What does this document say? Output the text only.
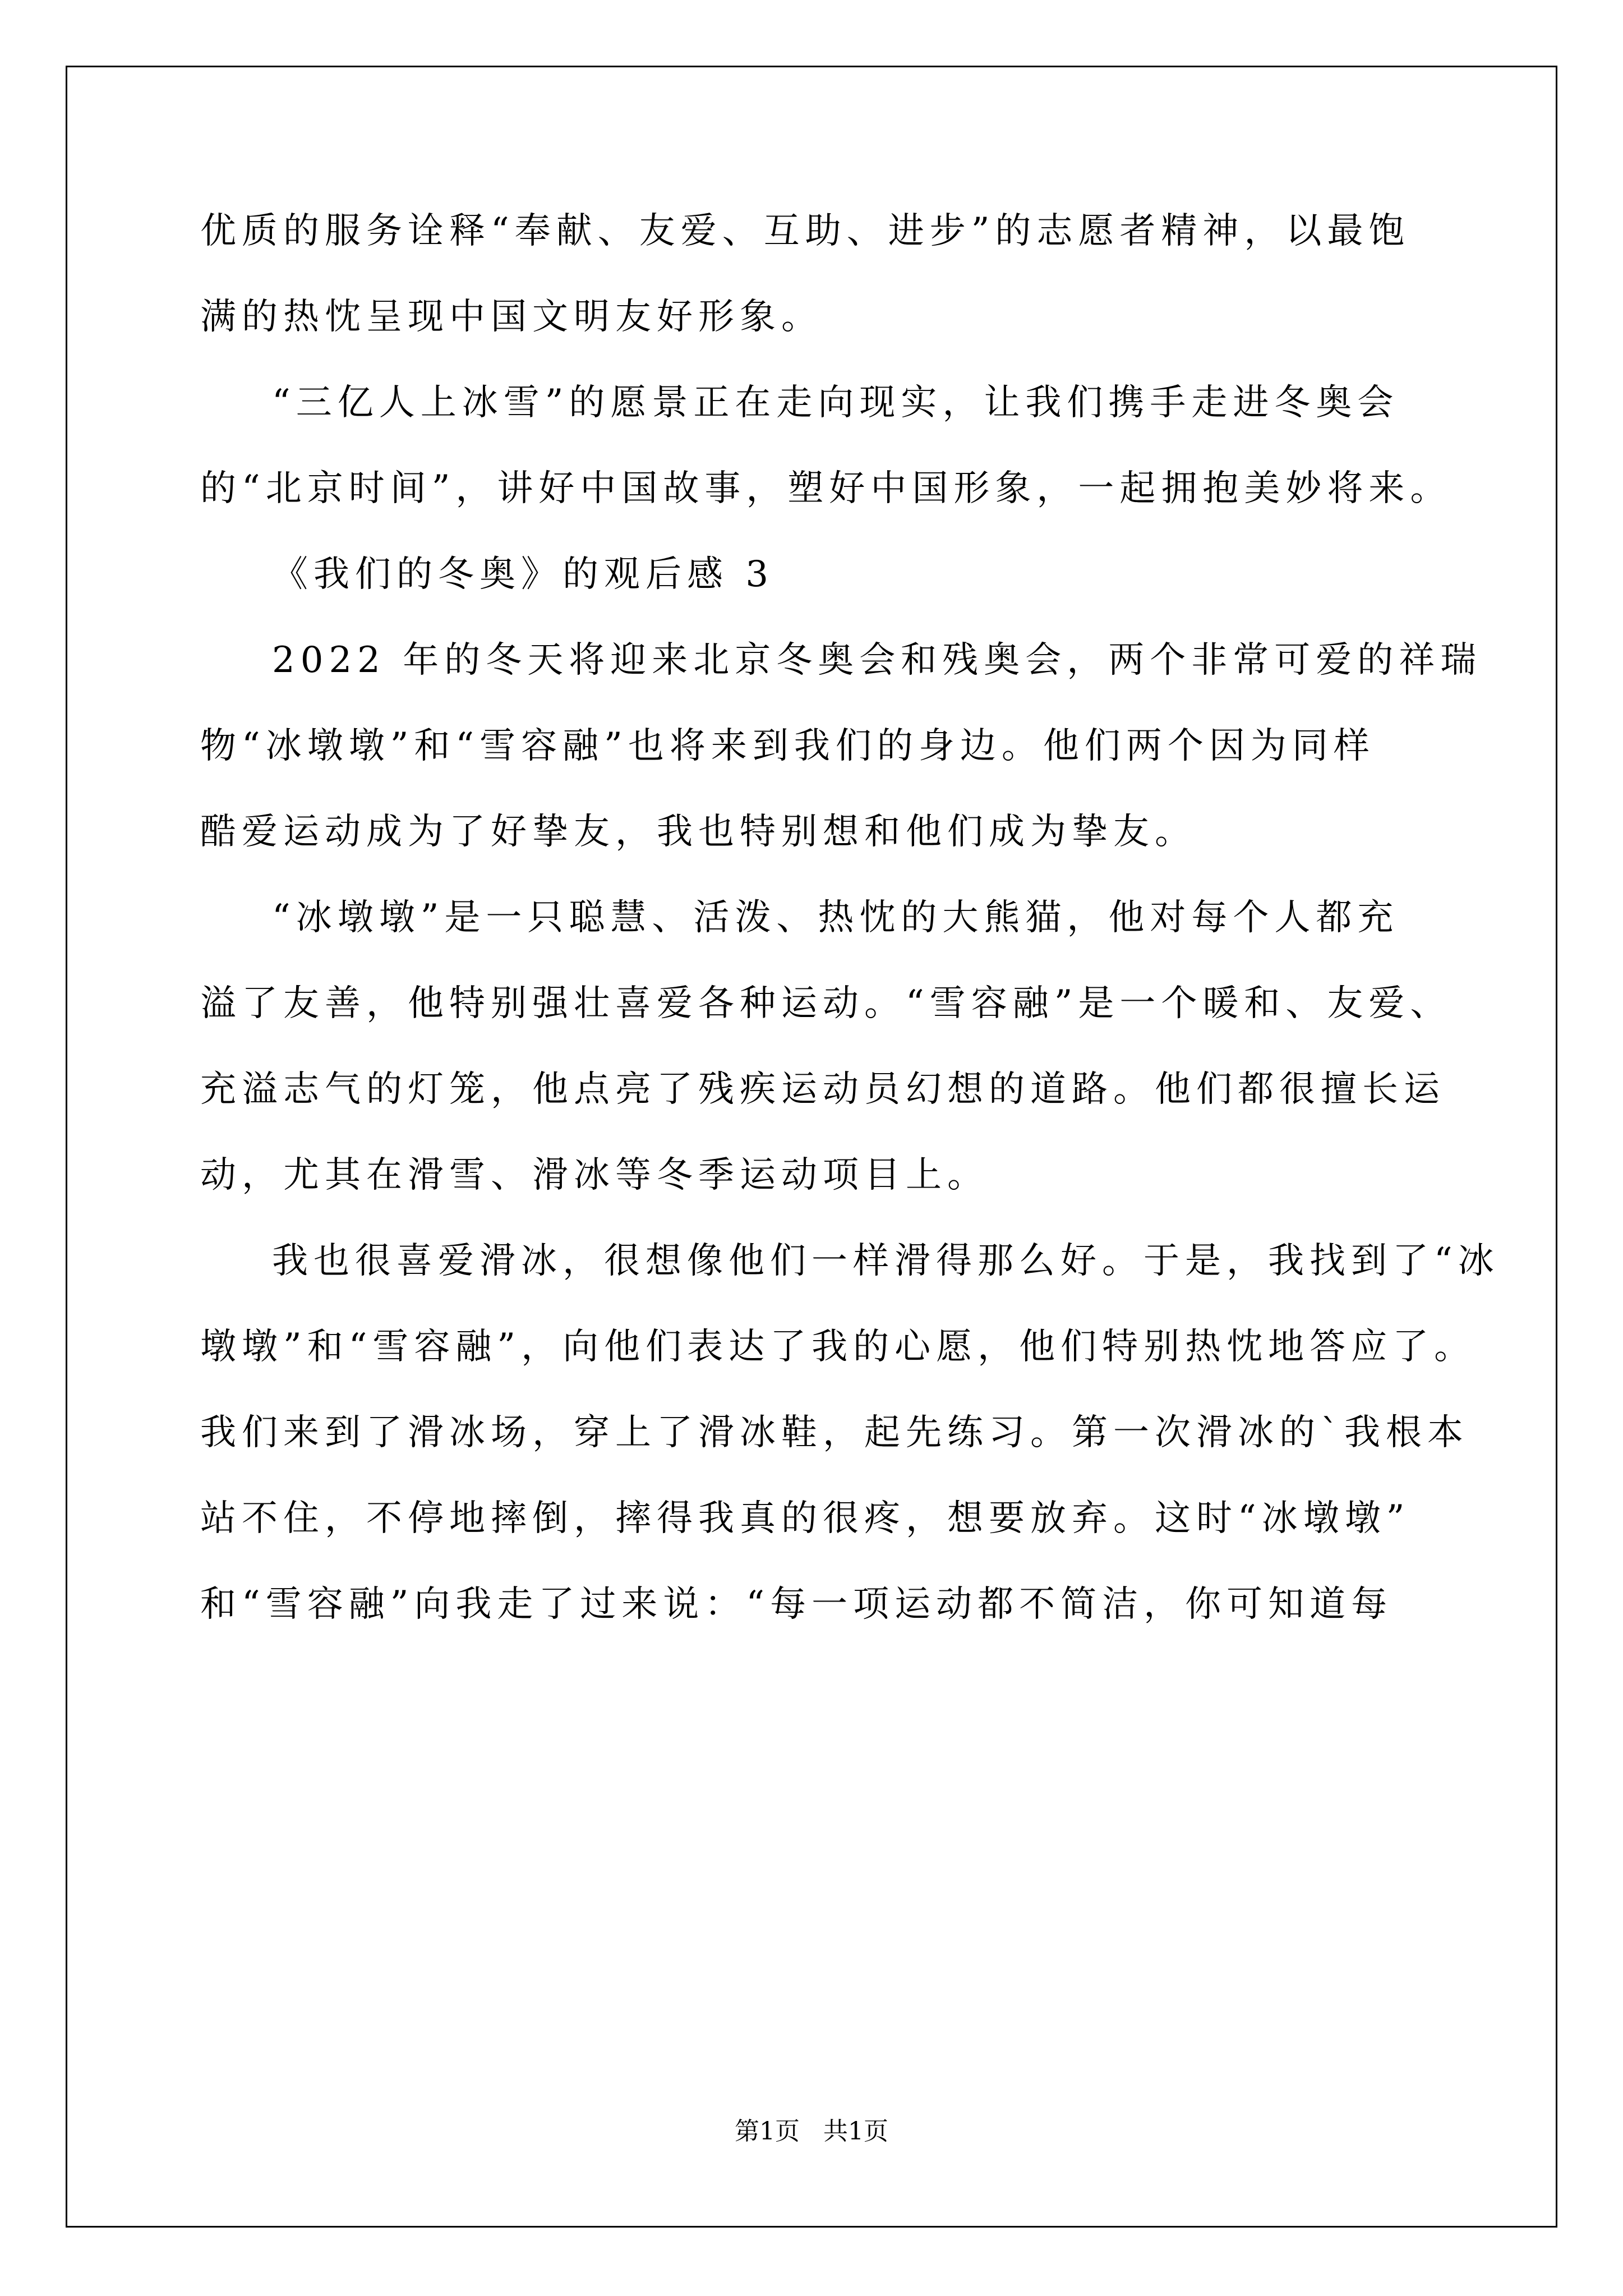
优质的服务诠释“奉献、友爱、互助、进步”的志愿者精神，以最饱
满的热忱呈现中国文明友好形象。
“三亿人上冰雪”的愿景正在走向现实，让我们携手走进冬奥会
的“北京时间”，讲好中国故事，塑好中国形象，一起拥抱美妙将来。
《我们的冬奥》的观后感 3
2022 年的冬天将迎来北京冬奥会和残奥会，两个非常可爱的祥瑞
物“冰墩墩”和“雪容融”也将来到我们的身边。他们两个因为同样
酷爱运动成为了好挚友，我也特别想和他们成为挚友。
“冰墩墩”是一只聪慧、活泼、热忱的大熊猫，他对每个人都充
溢了友善，他特别强壮喜爱各种运动。“雪容融”是一个暖和、友爱、
充溢志气的灯笼，他点亮了残疾运动员幻想的道路。他们都很擅长运
动，尤其在滑雪、滑冰等冬季运动项目上。
我也很喜爱滑冰，很想像他们一样滑得那么好。于是，我找到了“冰
墩墩”和“雪容融”，向他们表达了我的心愿，他们特别热忱地答应了。
我们来到了滑冰场，穿上了滑冰鞋，起先练习。第一次滑冰的`我根本
站不住，不停地摔倒，摔得我真的很疼，想要放弃。这时“冰墩墩”
和“雪容融”向我走了过来说：“每一项运动都不简洁，你可知道每
第1页   共1页
